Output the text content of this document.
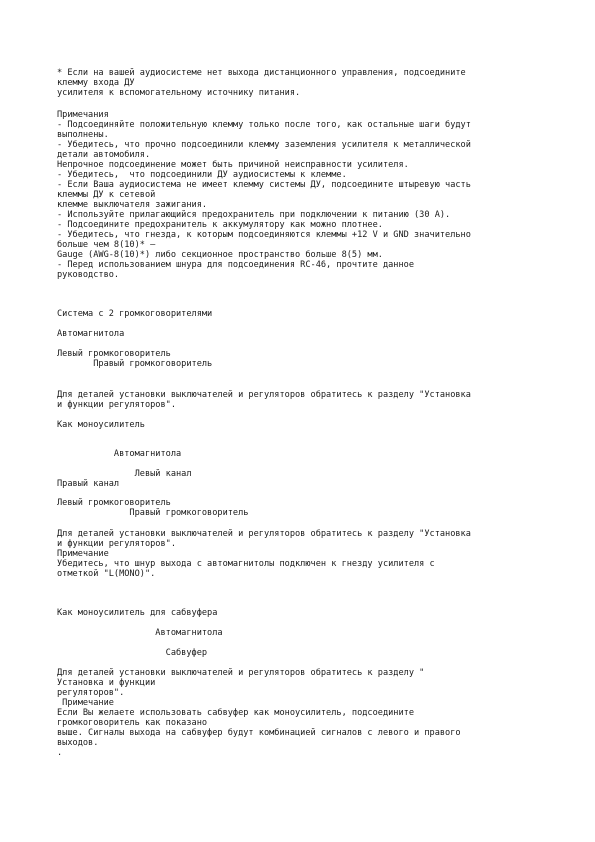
* Если на вашей аудиосистеме нет выхода дистанционного управления, подсоедините

клемму входа ДУ

усилителя к вспомогательному источнику питания.

Примечания

- Подсоединяйте положительную клемму только после того, как остальные шаги будут

выполнены.

- Убедитесь, что прочно подсоединили клемму заземления усилителя к металлической

детали автомобиля.

Непрочное подсоединение может быть причиной неисправности усилителя.

- Убедитесь,  что подсоединили ДУ аудиосистемы к клемме.

- Если Ваша аудиосистема не имеет клемму системы ДУ, подсоедините штыревую часть

клеммы ДУ к сетевой

клемме выключателя зажигания.

- Используйте прилагающийся предохранитель при подключении к питанию (30 А).

- Подсоедините предохранитель к аккумулятору как можно плотнее.

- Убедитесь, что гнезда, к которым подсоединяются клеммы +12 V и GND значительно

больше чем 8(10)* –

Gauge (AWG-8(10)*) либо секционное пространство больше 8(5) мм.

- Перед использованием шнура для подсоединения RC-46, прочтите данное

руководство.

Система с 2 громкоговорителями

Автомагнитола

Левый громкоговоритель

Правый громкоговоритель

Для деталей установки выключателей и регуляторов обратитесь к разделу "Установка

и функции регуляторов".

Как моноусилитель

Автомагнитола

Левый канал

Правый канал

Левый громкоговоритель

Правый громкоговоритель

Для деталей установки выключателей и регуляторов обратитесь к разделу "Установка

и функции регуляторов".

Примечание

Убедитесь, что шнур выхода с автомагнитолы подключен к гнезду усилителя с

отметкой "L(MONO)".

Как моноусилитель для сабвуфера

Автомагнитола

Сабвуфер

Для деталей установки выключателей и регуляторов обратитесь к разделу "

Установка и функции

регуляторов".

Примечание

Если Вы желаете использовать сабвуфер как моноусилитель, подсоедините

громкоговоритель как показано

выше. Сигналы выхода на сабвуфер будут комбинацией сигналов с левого и правого

выходов.

.
